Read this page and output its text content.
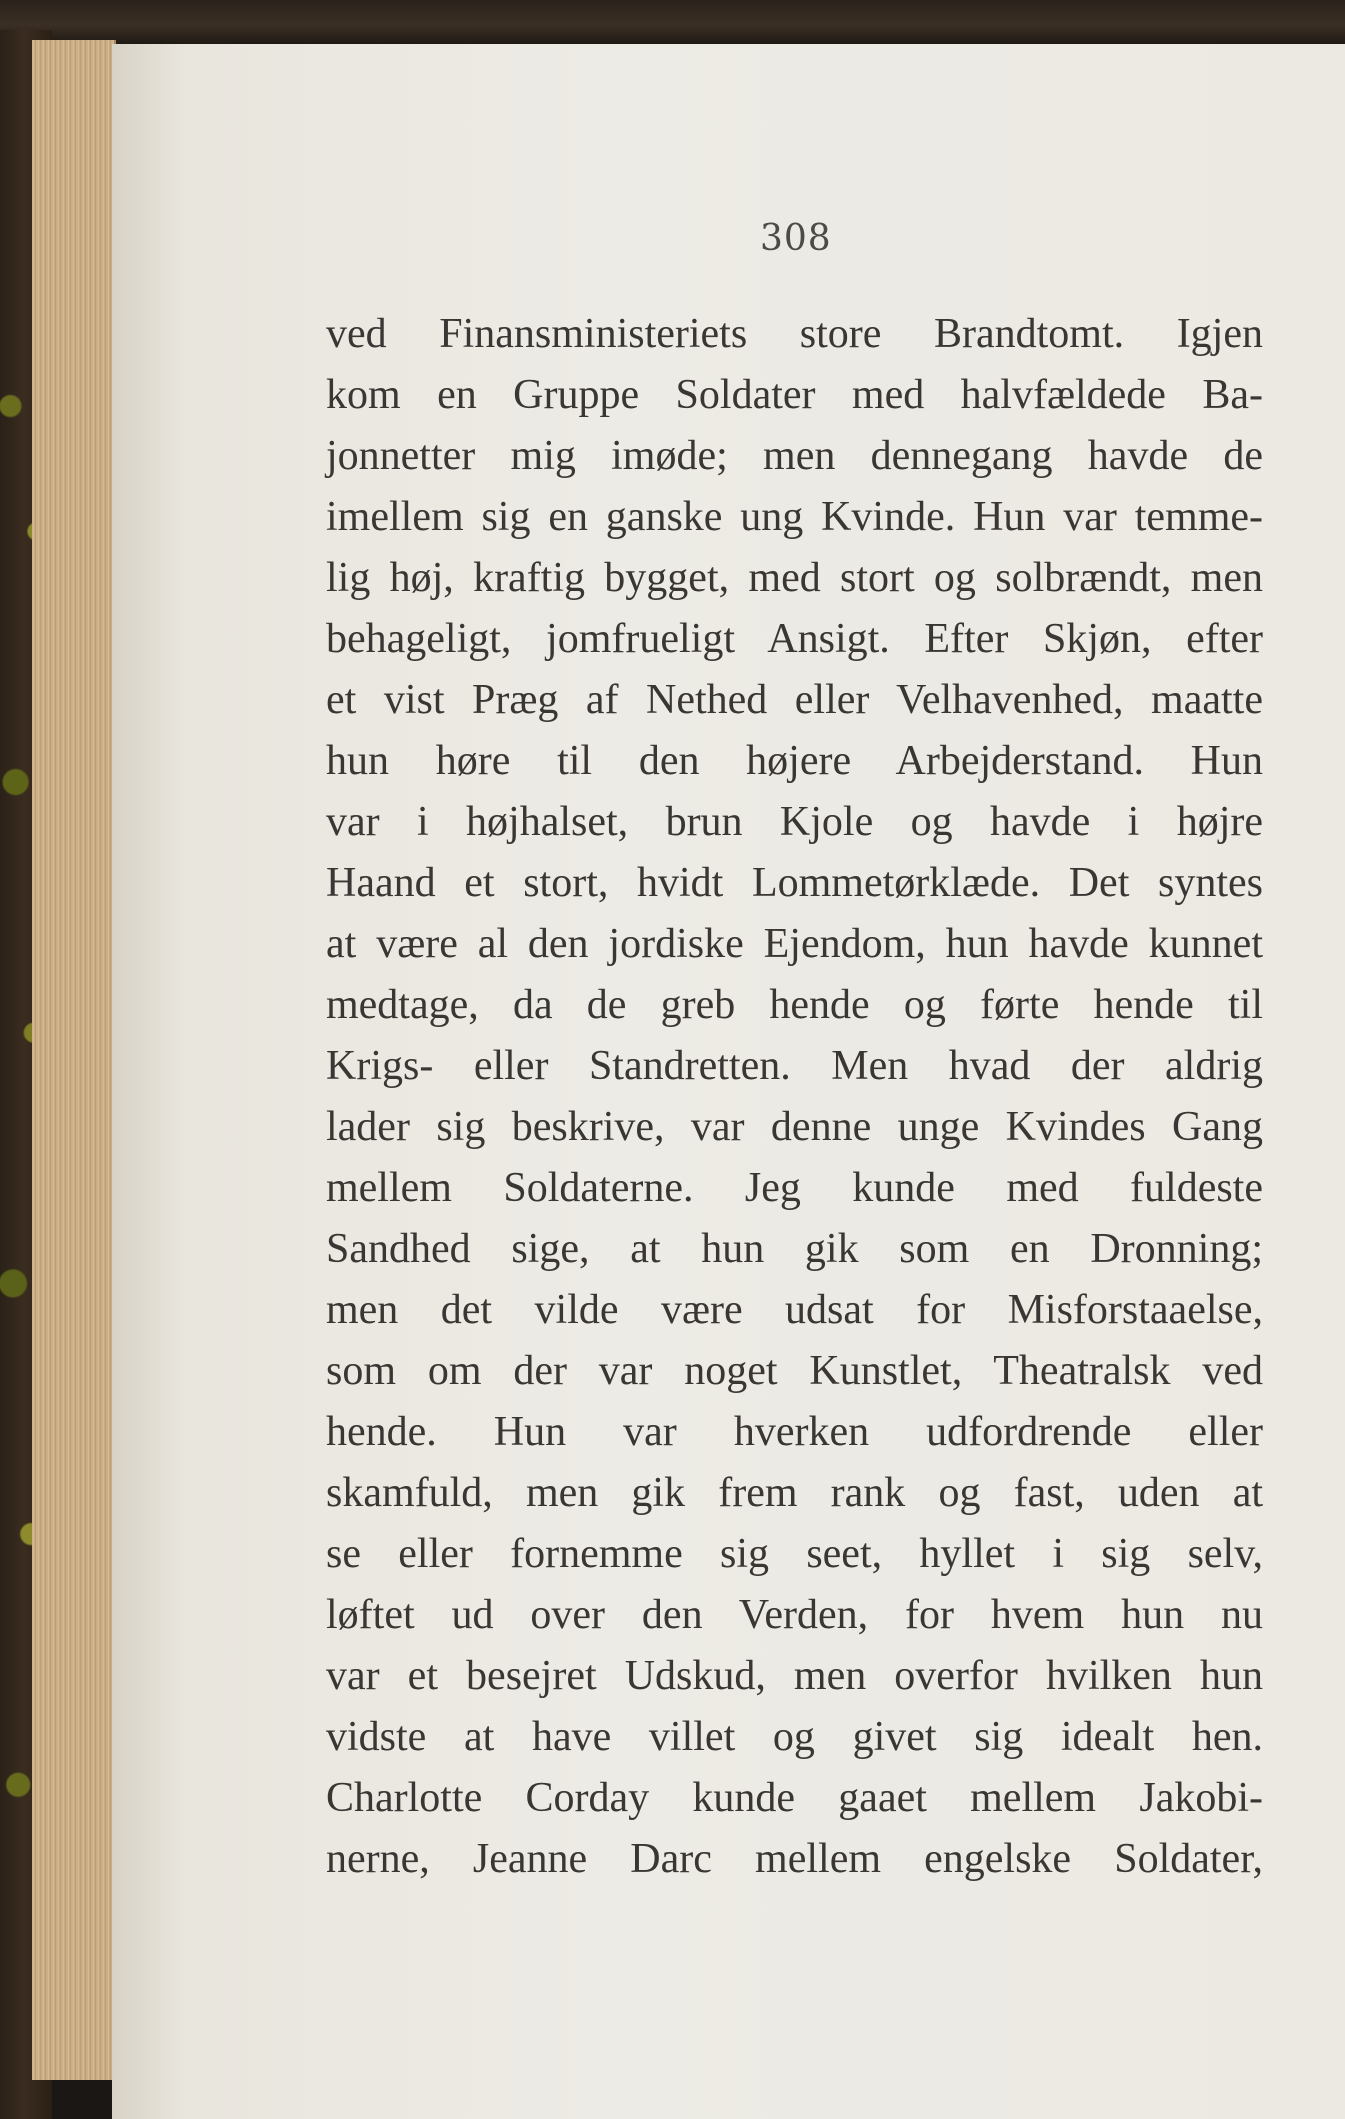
308
ved Finansministeriets store Brandtomt. Igjen
kom en Gruppe Soldater med halvfældede Ba-
jonnetter mig imøde; men dennegang havde de
imellem sig en ganske ung Kvinde. Hun var temme-
lig høj, kraftig bygget, med stort og solbrændt, men
behageligt, jomfrueligt Ansigt. Efter Skjøn, efter
et vist Præg af Nethed eller Velhavenhed, maatte
hun høre til den højere Arbejderstand. Hun
var i højhalset, brun Kjole og havde i højre
Haand et stort, hvidt Lommetørklæde. Det syntes
at være al den jordiske Ejendom, hun havde kunnet
medtage, da de greb hende og førte hende til
Krigs- eller Standretten. Men hvad der aldrig
lader sig beskrive, var denne unge Kvindes Gang
mellem Soldaterne. Jeg kunde med fuldeste
Sandhed sige, at hun gik som en Dronning;
men det vilde være udsat for Misforstaaelse,
som om der var noget Kunstlet, Theatralsk ved
hende. Hun var hverken udfordrende eller
skamfuld, men gik frem rank og fast, uden at
se eller fornemme sig seet, hyllet i sig selv,
løftet ud over den Verden, for hvem hun nu
var et besejret Udskud, men overfor hvilken hun
vidste at have villet og givet sig idealt hen.
Charlotte Corday kunde gaaet mellem Jakobi-
nerne, Jeanne Darc mellem engelske Soldater,
